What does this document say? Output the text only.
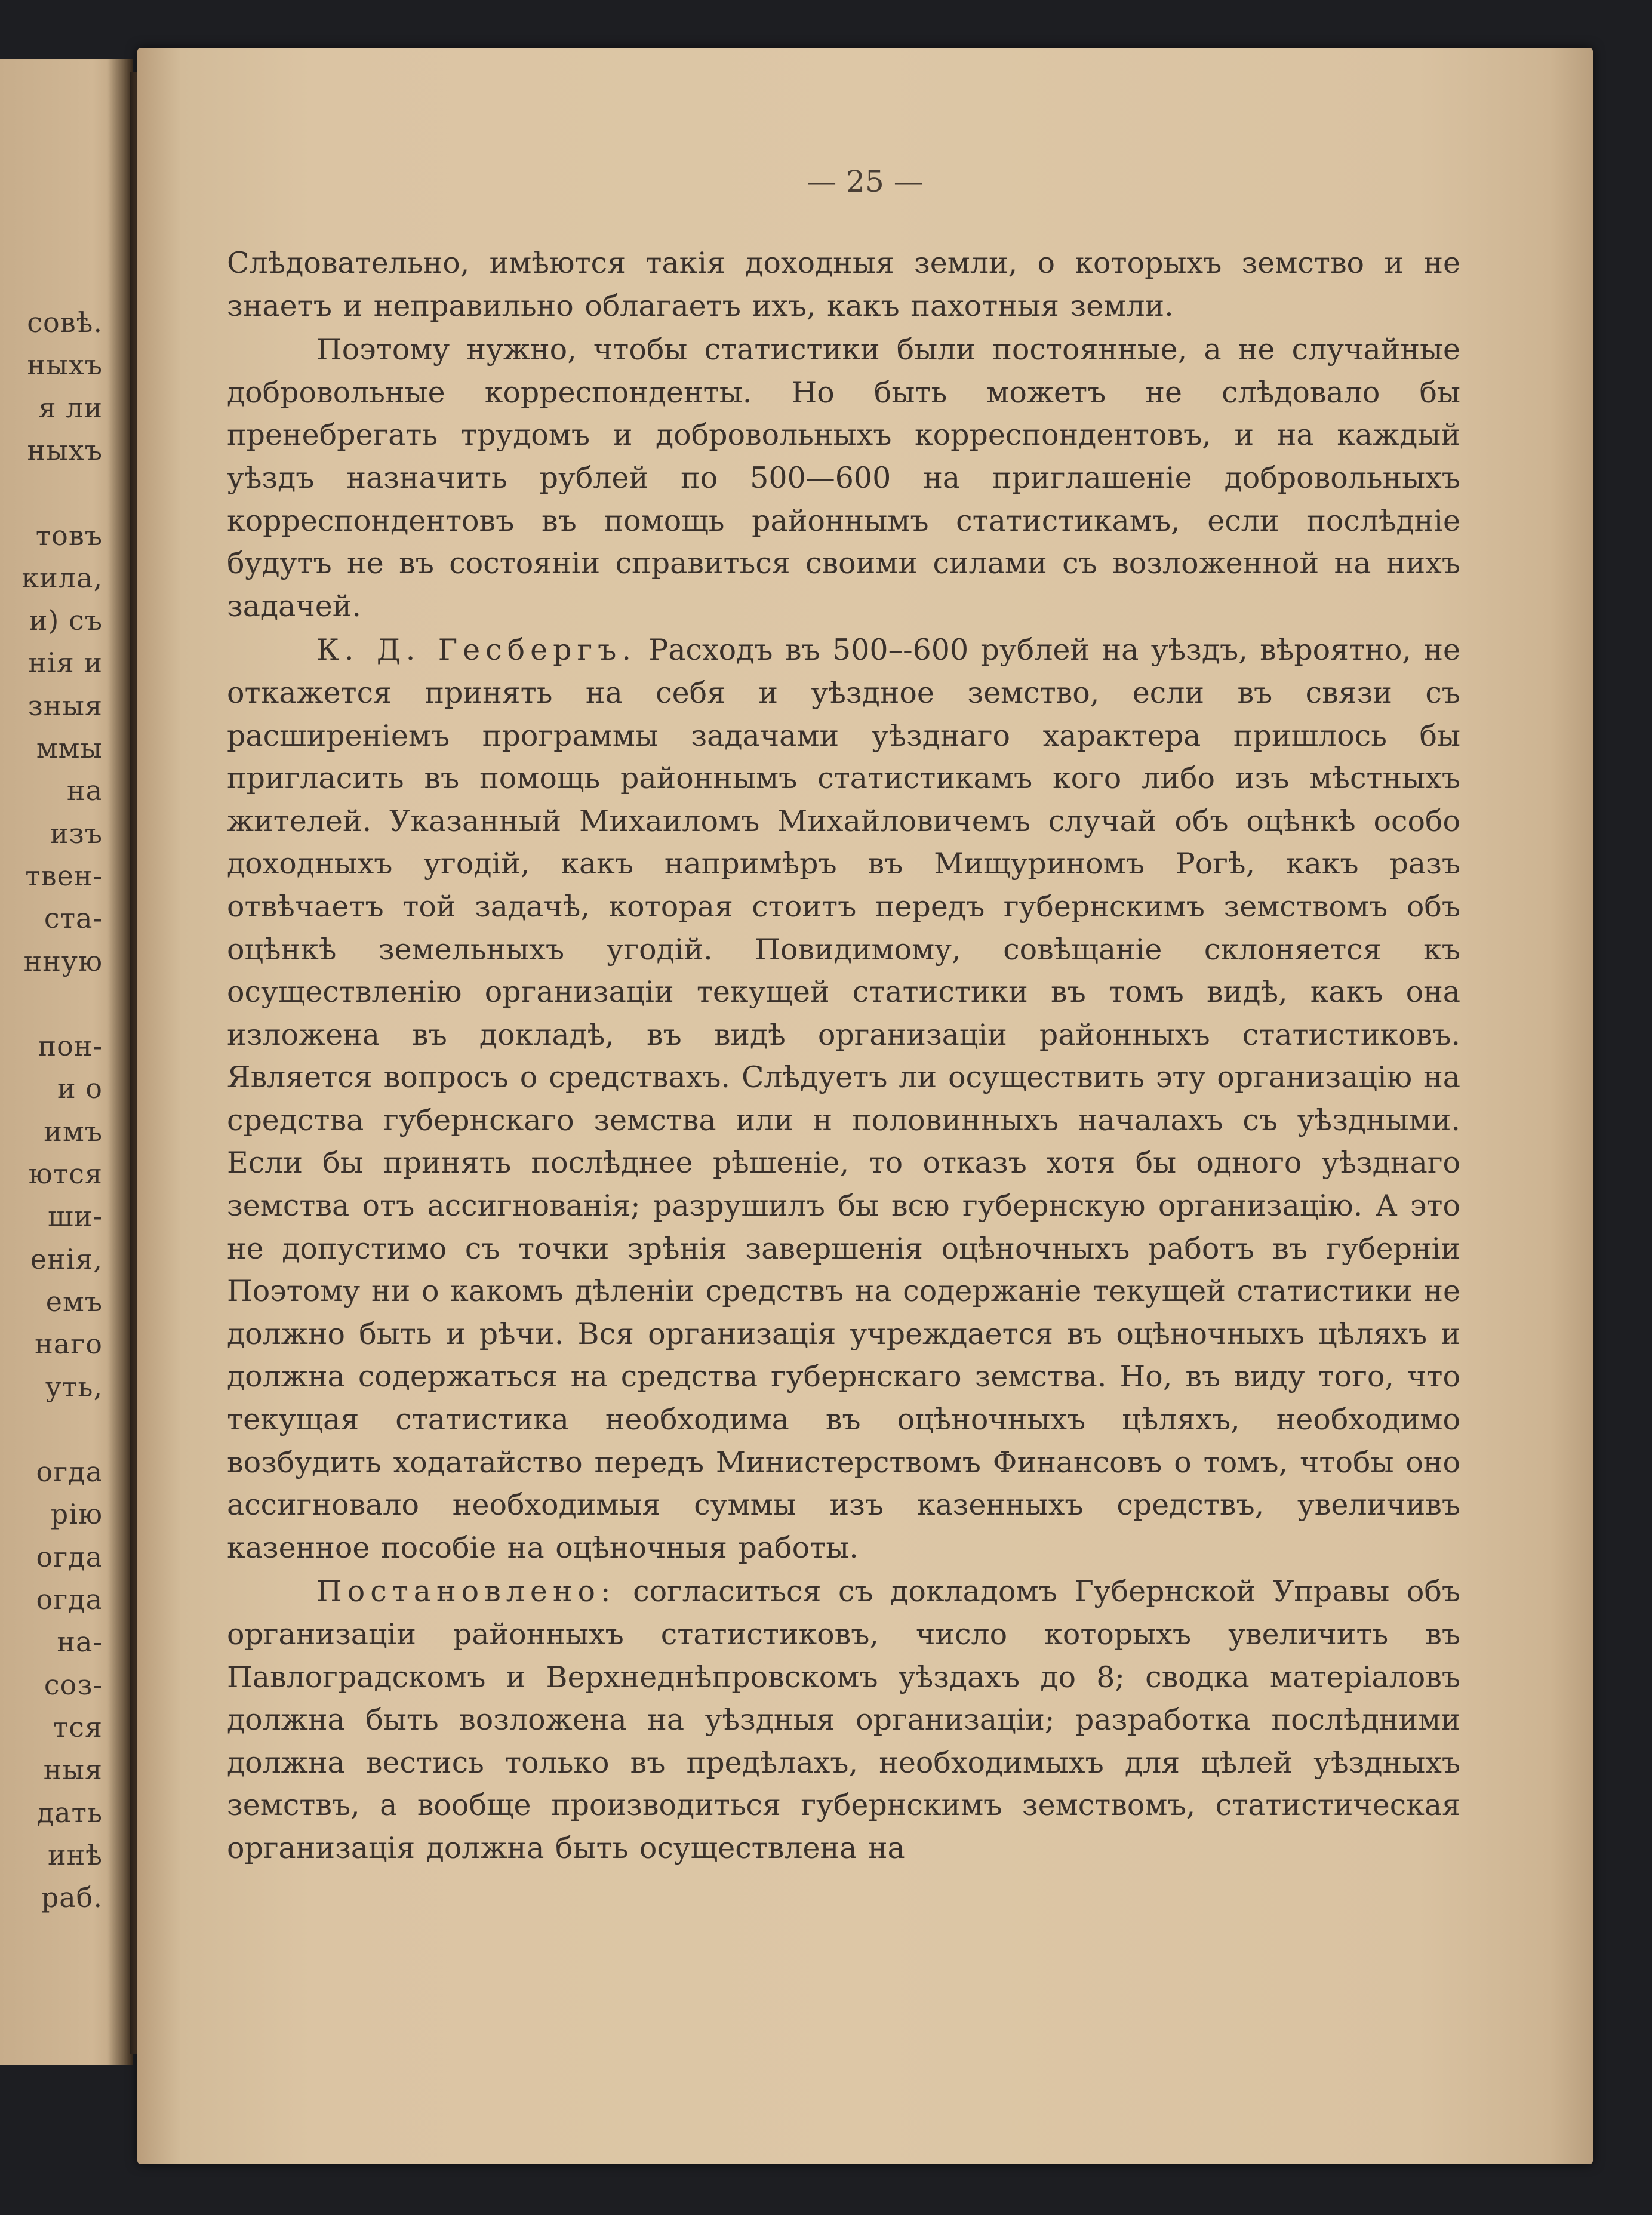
совѣ.
ныхъ
я ли
ныхъ
товъ
кила,
и) съ
нія и
зныя
ммы
на
изъ
твен-
ста-
нную
пон-
и о
имъ
ются
ши-
енія,
емъ
наго
уть,
огда
рію
огда
огда
на-
соз-
тся
ныя
дать
инѣ
раб.
— 25 —

Слѣдовательно, имѣются такія доходныя земли, о которыхъ земство и не знаетъ и неправильно облагаетъ ихъ, какъ пахотныя земли.

Поэтому нужно, чтобы статистики были постоянные, а не случайные добровольные корреспонденты. Но быть можетъ не слѣдовало бы пренебрегать трудомъ и добровольныхъ корреспондентовъ, и на каждый уѣздъ назначить рублей по 500—600 на приглашеніе добровольныхъ корреспондентовъ въ помощь районнымъ статистикамъ, если послѣдніе будутъ не въ состояніи справиться своими силами съ возложенной на нихъ задачей.

К. Д. Гесбергъ. Расходъ въ 500–-600 рублей на уѣздъ, вѣроятно, не откажется принять на себя и уѣздное земство, если въ связи съ расширеніемъ программы задачами уѣзднаго характера пришлось бы пригласить въ помощь районнымъ статистикамъ кого либо изъ мѣстныхъ жителей. Указанный Михаиломъ Михайловичемъ случай объ оцѣнкѣ особо доходныхъ угодій, какъ напримѣръ въ Мищуриномъ Рогѣ, какъ разъ отвѣчаетъ той задачѣ, которая стоитъ передъ губернскимъ земствомъ объ оцѣнкѣ земельныхъ угодій. Повидимому, совѣщаніе склоняется къ осуществленію организаціи текущей статистики въ томъ видѣ, какъ она изложена въ докладѣ, въ видѣ организаціи районныхъ статистиковъ. Является вопросъ о средствахъ. Слѣдуетъ ли осуществить эту организацію на средства губернскаго земства или н половинныхъ началахъ съ уѣздными. Если бы принять послѣднее рѣшеніе, то отказъ хотя бы одного уѣзднаго земства отъ ассигнованія; разрушилъ бы всю губернскую организацію. А это не допустимо съ точки зрѣнія завершенія оцѣночныхъ работъ въ губерніи Поэтому ни о какомъ дѣленіи средствъ на содержаніе текущей статистики не должно быть и рѣчи. Вся организація учреждается въ оцѣночныхъ цѣляхъ и должна содержаться на средства губернскаго земства. Но, въ виду того, что текущая статистика необходима въ оцѣночныхъ цѣляхъ, необходимо возбудить ходатайство передъ Министерствомъ Финансовъ о томъ, чтобы оно ассигновало необходимыя суммы изъ казенныхъ средствъ, увеличивъ казенное пособіе на оцѣночныя работы.

Постановлено: согласиться съ докладомъ Губернской Управы объ организаціи районныхъ статистиковъ, число которыхъ увеличить въ Павлоградскомъ и Верхнеднѣпровскомъ уѣздахъ до 8; сводка матеріаловъ должна быть возложена на уѣздныя организаціи; разработка послѣдними должна вестись только въ предѣлахъ, необходимыхъ для цѣлей уѣздныхъ земствъ, а вообще производиться губернскимъ земствомъ, статистическая организація должна быть осуществлена на
